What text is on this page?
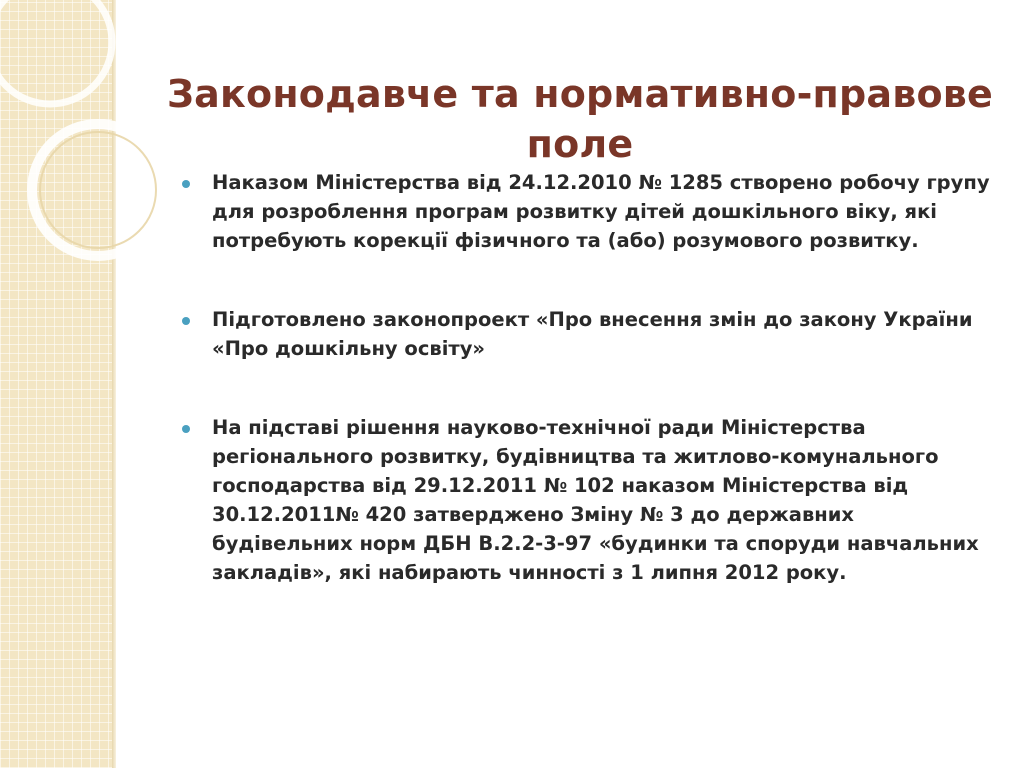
Законодавче та нормативно-правове
поле
Наказом Міністерства від 24.12.2010 № 1285 створено робочу групу для розроблення програм розвитку дітей дошкільного віку, які потребують корекції фізичного та (або) розумового розвитку.
Підготовлено законопроект «Про внесення змін до закону України «Про дошкільну освіту»
На підставі рішення науково-технічної ради Міністерства регіонального розвитку, будівництва та житлово-комунального господарства від 29.12.2011 № 102 наказом Міністерства від 30.12.2011№ 420 затверджено Зміну № 3 до державних будівельних норм ДБН В.2.2-3-97 «будинки та споруди навчальних закладів», які набирають чинності з 1 липня 2012 року.
